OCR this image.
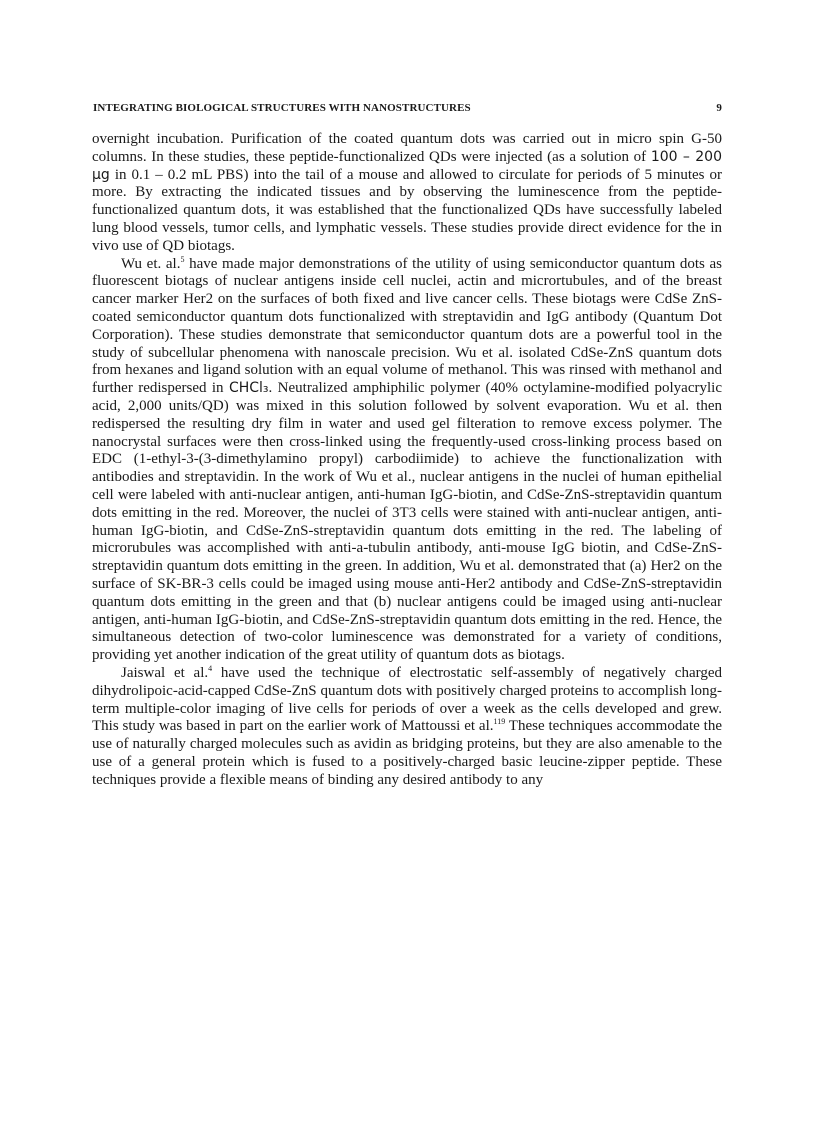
INTEGRATING BIOLOGICAL STRUCTURES WITH NANOSTRUCTURES	9

overnight incubation. Purification of the coated quantum dots was carried out in micro spin G-50 columns. In these studies, these peptide-functionalized QDs were injected (as a solution of 100 – 200 μg in 0.1 – 0.2 mL PBS) into the tail of a mouse and allowed to circulate for periods of 5 minutes or more. By extracting the indicated tissues and by observing the luminescence from the peptide-functionalized quantum dots, it was established that the functionalized QDs have successfully labeled lung blood vessels, tumor cells, and lymphatic vessels. These studies provide direct evidence for the in vivo use of QD biotags.

Wu et. al.$^5$ have made major demonstrations of the utility of using semiconductor quantum dots as fluorescent biotags of nuclear antigens inside cell nuclei, actin and micrortubules, and of the breast cancer marker Her2 on the surfaces of both fixed and live cancer cells. These biotags were CdSe ZnS-coated semiconductor quantum dots functionalized with streptavidin and IgG antibody (Quantum Dot Corporation). These studies demonstrate that semiconductor quantum dots are a powerful tool in the study of subcellular phenomena with nanoscale precision. Wu et al. isolated CdSe-ZnS quantum dots from hexanes and ligand solution with an equal volume of methanol. This was rinsed with methanol and further redispersed in CHCl₃. Neutralized amphiphilic polymer (40% octylamine-modified polyacrylic acid, 2,000 units/QD) was mixed in this solution followed by solvent evaporation. Wu et al. then redispersed the resulting dry film in water and used gel filteration to remove excess polymer. The nanocrystal surfaces were then cross-linked using the frequently-used cross-linking process based on EDC (1-ethyl-3-(3-dimethylamino propyl) carbodiimide) to achieve the functionalization with antibodies and streptavidin. In the work of Wu et al., nuclear antigens in the nuclei of human epithelial cell were labeled with anti-nuclear antigen, anti-human IgG-biotin, and CdSe-ZnS-streptavidin quantum dots emitting in the red. Moreover, the nuclei of 3T3 cells were stained with anti-nuclear antigen, anti-human IgG-biotin, and CdSe-ZnS-streptavidin quantum dots emitting in the red. The labeling of microrubules was accomplished with anti-a-tubulin antibody, anti-mouse IgG biotin, and CdSe-ZnS-streptavidin quantum dots emitting in the green. In addition, Wu et al. demonstrated that (a) Her2 on the surface of SK-BR-3 cells could be imaged using mouse anti-Her2 antibody and CdSe-ZnS-streptavidin quantum dots emitting in the green and that (b) nuclear antigens could be imaged using anti-nuclear antigen, anti-human IgG-biotin, and CdSe-ZnS-streptavidin quantum dots emitting in the red. Hence, the simultaneous detection of two-color luminescence was demonstrated for a variety of conditions, providing yet another indication of the great utility of quantum dots as biotags.

Jaiswal et al.$^4$ have used the technique of electrostatic self-assembly of negatively charged dihydrolipoic-acid-capped CdSe-ZnS quantum dots with positively charged proteins to accomplish long-term multiple-color imaging of live cells for periods of over a week as the cells developed and grew. This study was based in part on the earlier work of Mattoussi et al.$^{119}$ These techniques accommodate the use of naturally charged molecules such as avidin as bridging proteins, but they are also amenable to the use of a general protein which is fused to a positively-charged basic leucine-zipper peptide. These techniques provide a flexible means of binding any desired antibody to any
